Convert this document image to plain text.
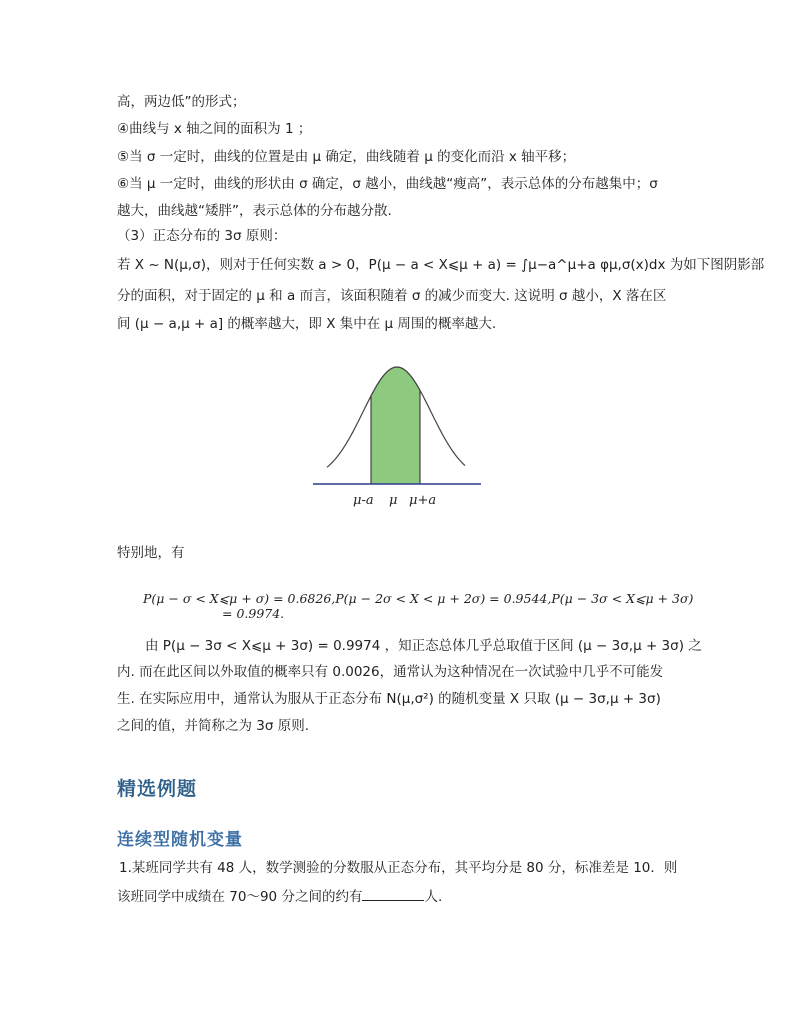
高，两边低”的形式；
④曲线与 x 轴之间的面积为 1 ；
⑤当 σ 一定时，曲线的位置是由 μ 确定，曲线随着 μ 的变化而沿 x 轴平移；
⑥当 μ 一定时，曲线的形状由 σ 确定，σ 越小，曲线越“瘦高”，表示总体的分布越集中；σ
越大，曲线越“矮胖”，表示总体的分布越分散.
（3）正态分布的 3σ 原则：
若 X ~ N(μ,σ)，则对于任何实数 a > 0，P(μ − a < X⩽μ + a) = ∫μ−a^μ+a φμ,σ(x)dx 为如下图阴影部
分的面积，对于固定的 μ 和 a 而言，该面积随着 σ 的减少而变大. 这说明 σ 越小，X 落在区
间 (μ − a,μ + a] 的概率越大，即 X 集中在 μ 周围的概率越大.
μ-a μ μ+a
特别地，有
P(μ − σ < X⩽μ + σ) = 0.6826,P(μ − 2σ < X < μ + 2σ) = 0.9544,P(μ − 3σ < X⩽μ + 3σ)
= 0.9974.
由 P(μ − 3σ < X⩽μ + 3σ) = 0.9974 ，知正态总体几乎总取值于区间 (μ − 3σ,μ + 3σ) 之
内. 而在此区间以外取值的概率只有 0.0026，通常认为这种情况在一次试验中几乎不可能发
生. 在实际应用中，通常认为服从于正态分布 N(μ,σ²) 的随机变量 X 只取 (μ − 3σ,μ + 3σ)
之间的值，并简称之为 3σ 原则.
精选例题
连续型随机变量
1.某班同学共有 48 人，数学测验的分数服从正态分布，其平均分是 80 分，标准差是 10．则
该班同学中成绩在 70～90 分之间的约有	人.
